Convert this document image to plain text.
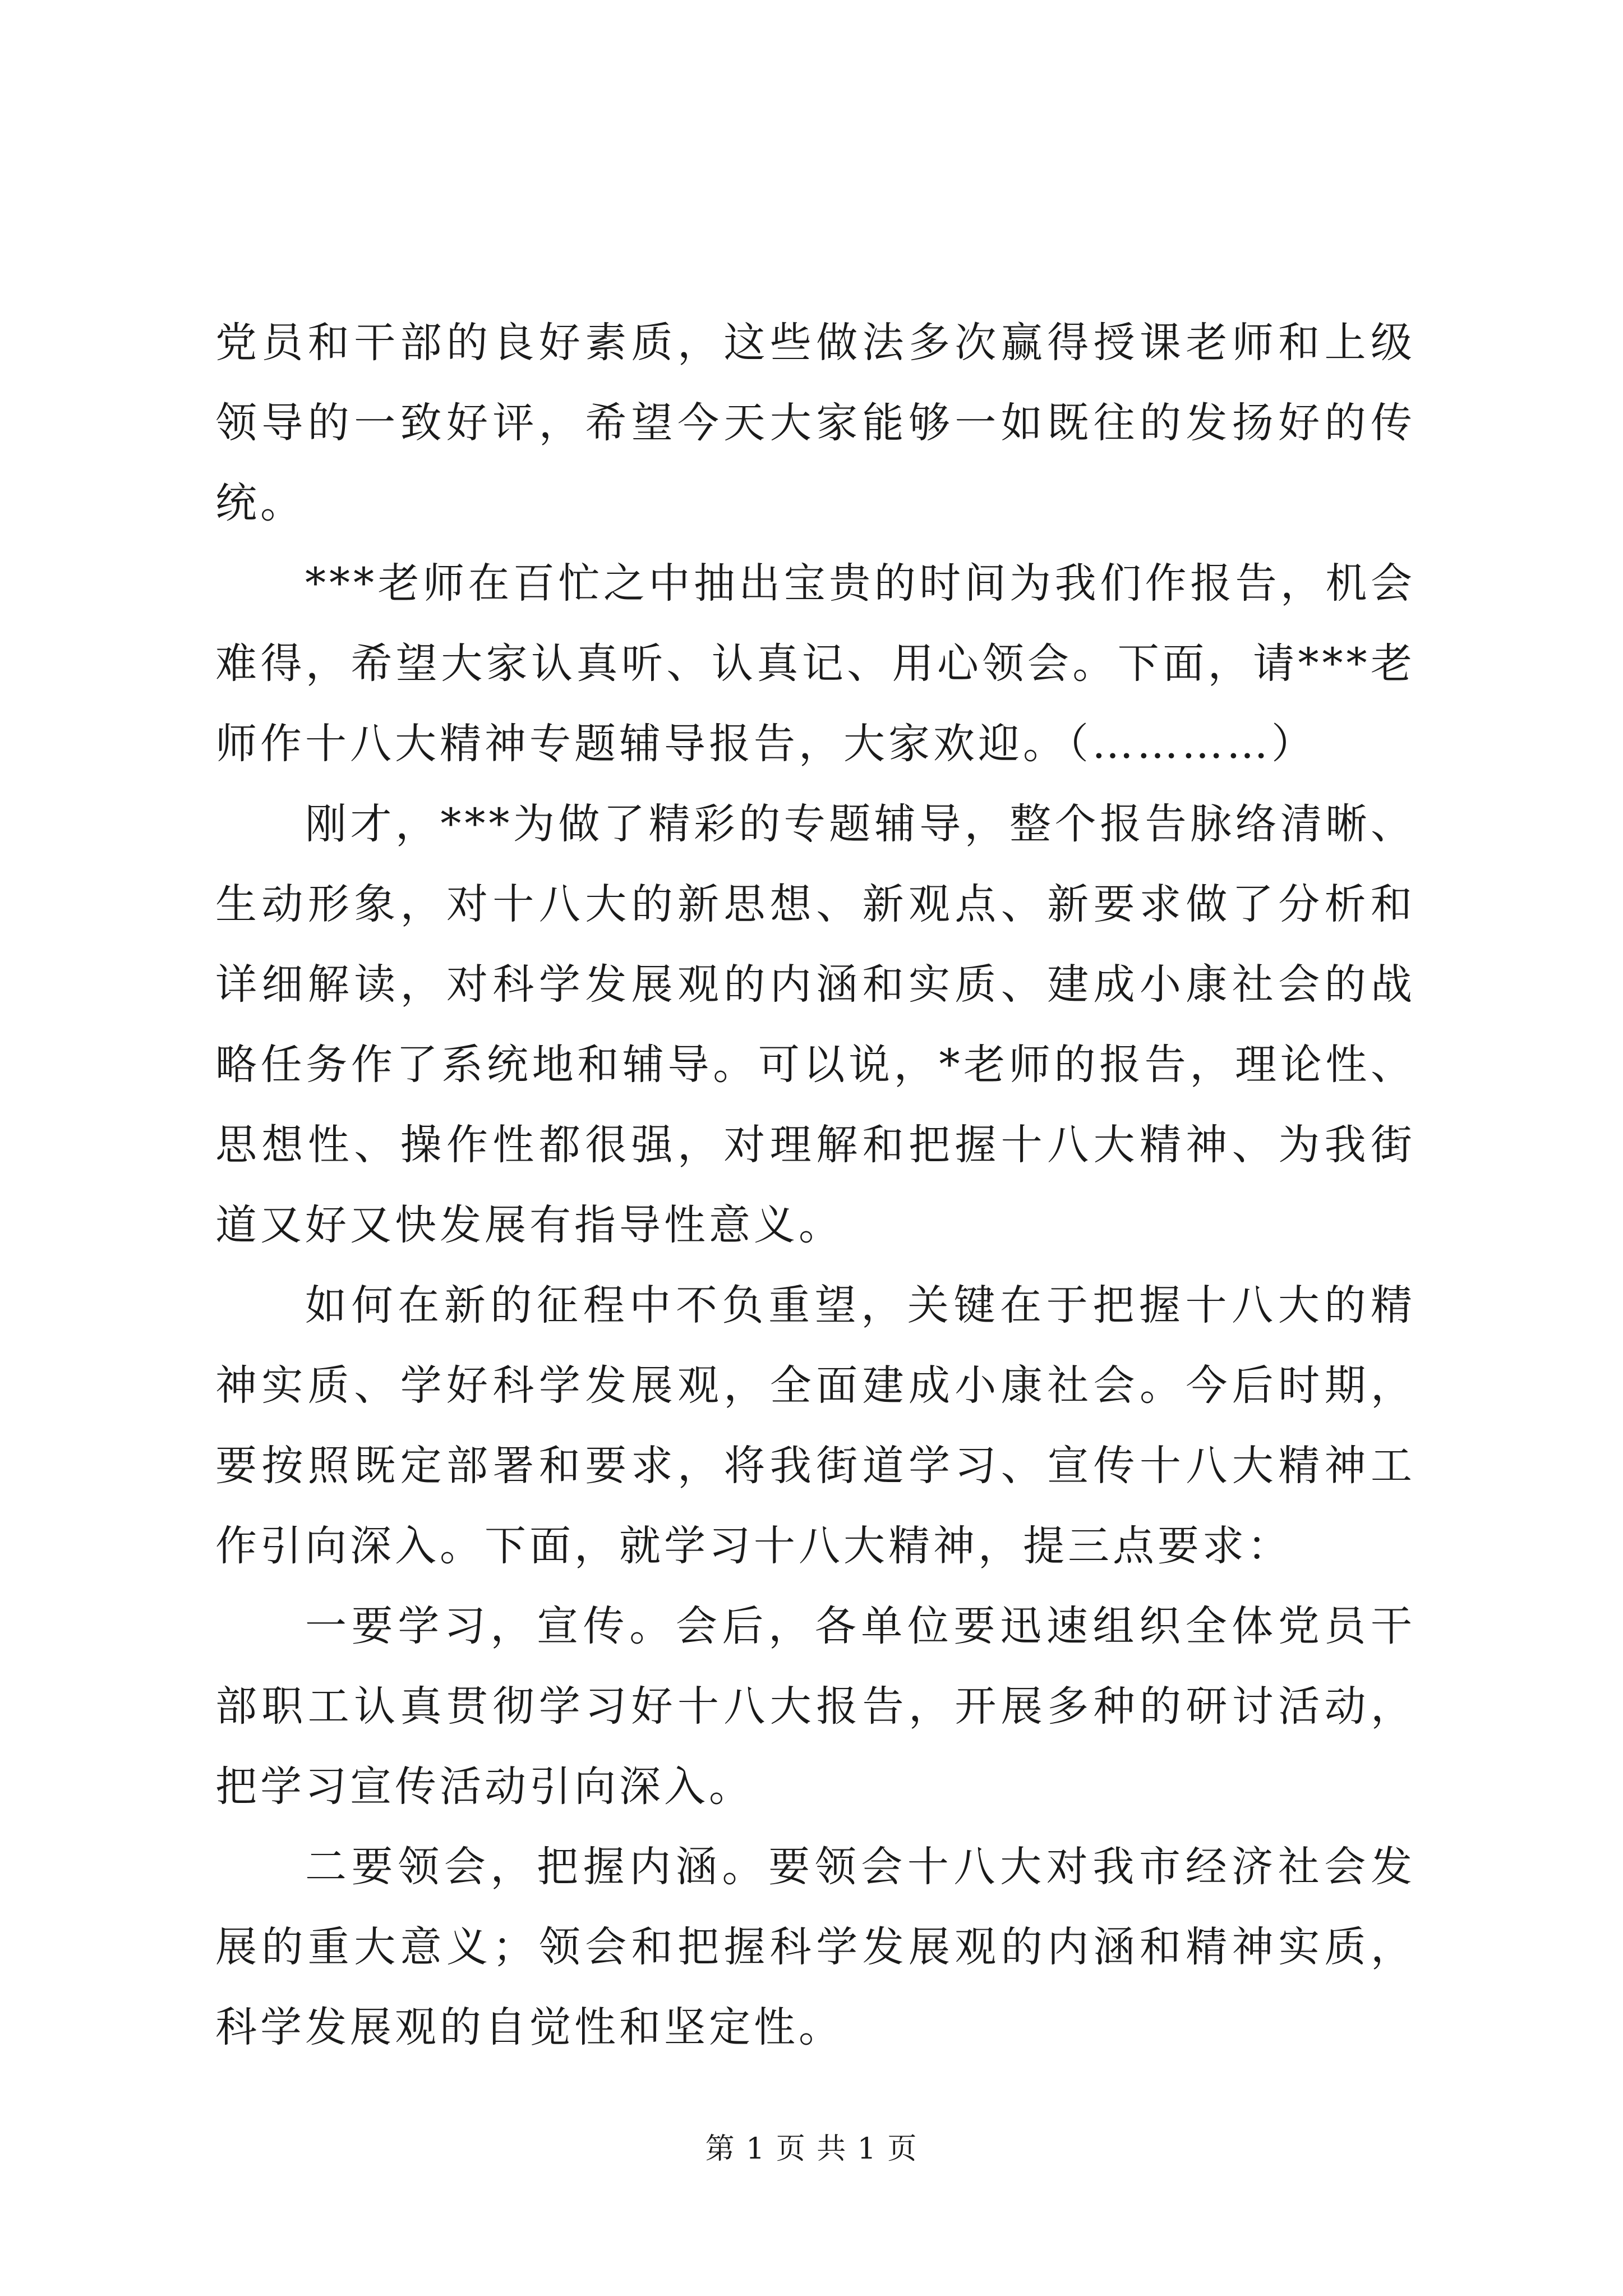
党员和干部的良好素质，这些做法多次赢得授课老师和上级领导的一致好评，希望今天大家能够一如既往的发扬好的传统。

***老师在百忙之中抽出宝贵的时间为我们作报告，机会难得，希望大家认真听、认真记、用心领会。下面，请***老师作十八大精神专题辅导报告，大家欢迎。（…………）

刚才，***为做了精彩的专题辅导，整个报告脉络清晰、生动形象，对十八大的新思想、新观点、新要求做了分析和详细解读，对科学发展观的内涵和实质、建成小康社会的战略任务作了系统地和辅导。可以说，*老师的报告，理论性、思想性、操作性都很强，对理解和把握十八大精神、为我街道又好又快发展有指导性意义。

如何在新的征程中不负重望，关键在于把握十八大的精神实质、学好科学发展观，全面建成小康社会。今后时期，要按照既定部署和要求，将我街道学习、宣传十八大精神工作引向深入。下面，就学习十八大精神，提三点要求：

一要学习，宣传。会后，各单位要迅速组织全体党员干部职工认真贯彻学习好十八大报告，开展多种的研讨活动，把学习宣传活动引向深入。

二要领会，把握内涵。要领会十八大对我市经济社会发展的重大意义；领会和把握科学发展观的内涵和精神实质，科学发展观的自觉性和坚定性。

第 1 页 共 1 页
